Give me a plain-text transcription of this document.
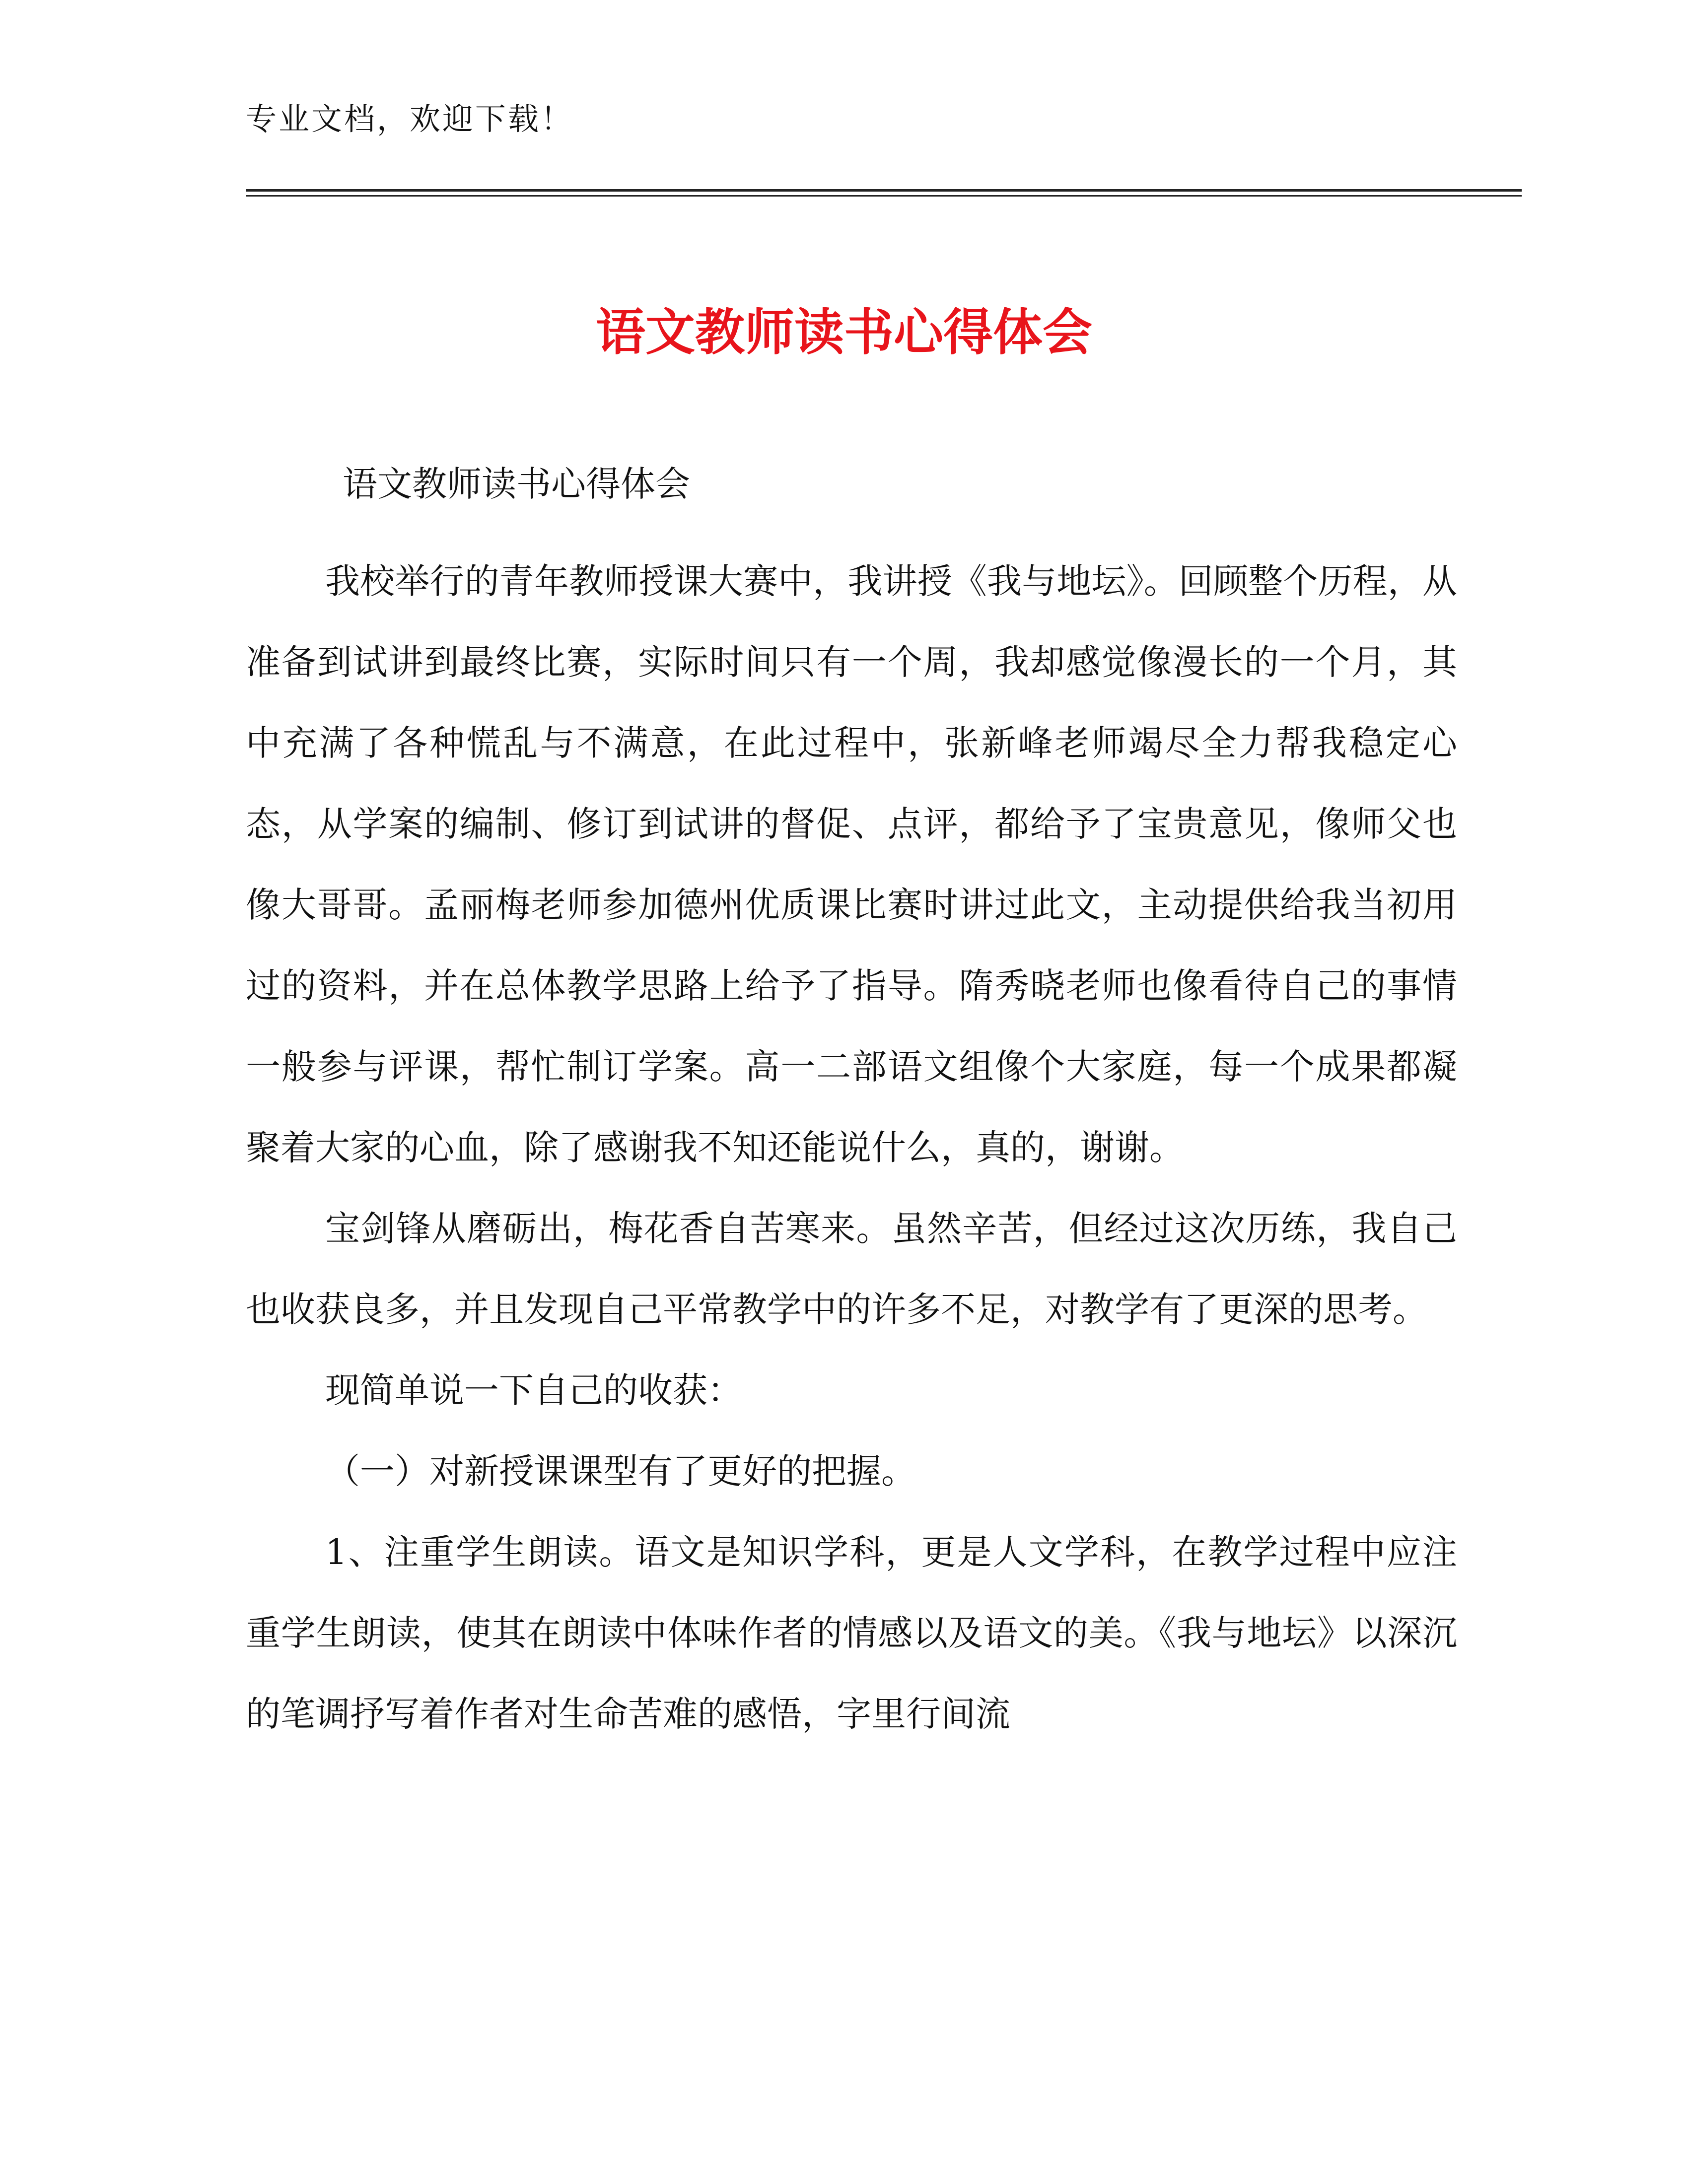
专业文档，欢迎下载！
语文教师读书心得体会
语文教师读书心得体会

我校举行的青年教师授课大赛中，我讲授《我与地坛》。回顾整个历程，从准备到试讲到最终比赛，实际时间只有一个周，我却感觉像漫长的一个月，其中充满了各种慌乱与不满意，在此过程中，张新峰老师竭尽全力帮我稳定心态，从学案的编制、修订到试讲的督促、点评，都给予了宝贵意见，像师父也像大哥哥。孟丽梅老师参加德州优质课比赛时讲过此文，主动提供给我当初用过的资料，并在总体教学思路上给予了指导。隋秀晓老师也像看待自己的事情一般参与评课，帮忙制订学案。高一二部语文组像个大家庭，每一个成果都凝聚着大家的心血，除了感谢我不知还能说什么，真的，谢谢。

宝剑锋从磨砺出，梅花香自苦寒来。虽然辛苦，但经过这次历练，我自己也收获良多，并且发现自己平常教学中的许多不足，对教学有了更深的思考。

现简单说一下自己的收获：

（一）对新授课课型有了更好的把握。

1、注重学生朗读。语文是知识学科，更是人文学科，在教学过程中应注重学生朗读，使其在朗读中体味作者的情感以及语文的美。《我与地坛》以深沉的笔调抒写着作者对生命苦难的感悟，字里行间流
